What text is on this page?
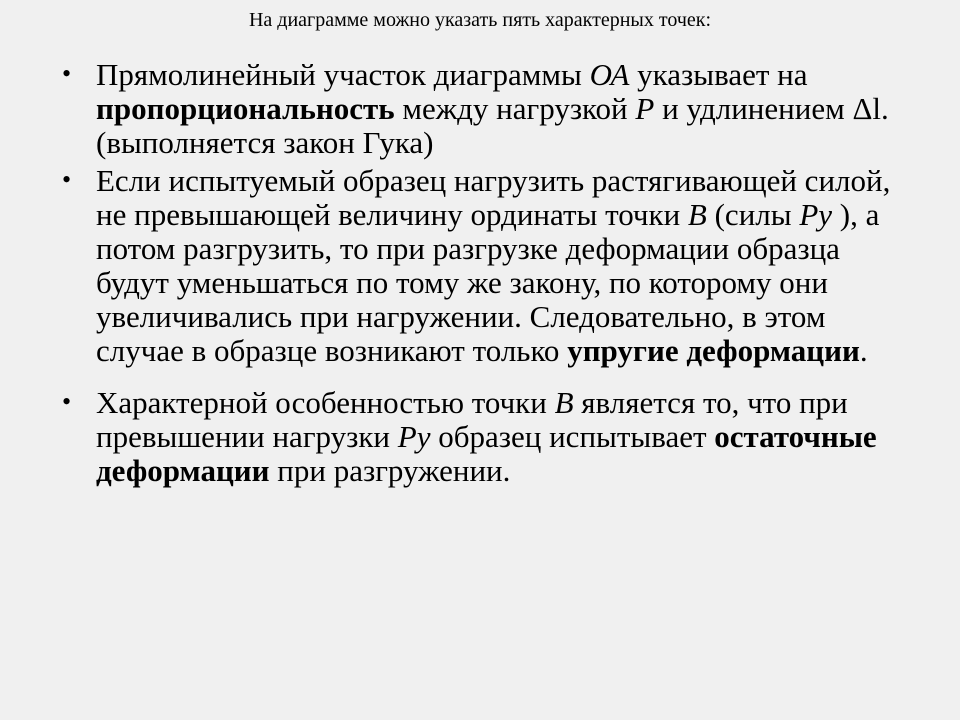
На диаграмме можно указать пять характерных точек:
• Прямолинейный участок диаграммы ОА указывает на пропорциональность между нагрузкой Р и удлинением Δl. (выполняется закон Гука)
• Если испытуемый образец нагрузить растягивающей силой, не превышающей величину ординаты точки В (силы Ру ), а потом разгрузить, то при разгрузке деформации образца будут уменьшаться по тому же закону, по которому они увеличивались при нагружении. Следовательно, в этом случае в образце возникают только упругие деформации.
• Характерной особенностью точки В является то, что при превышении нагрузки Ру образец испытывает остаточные деформации при разгружении.
